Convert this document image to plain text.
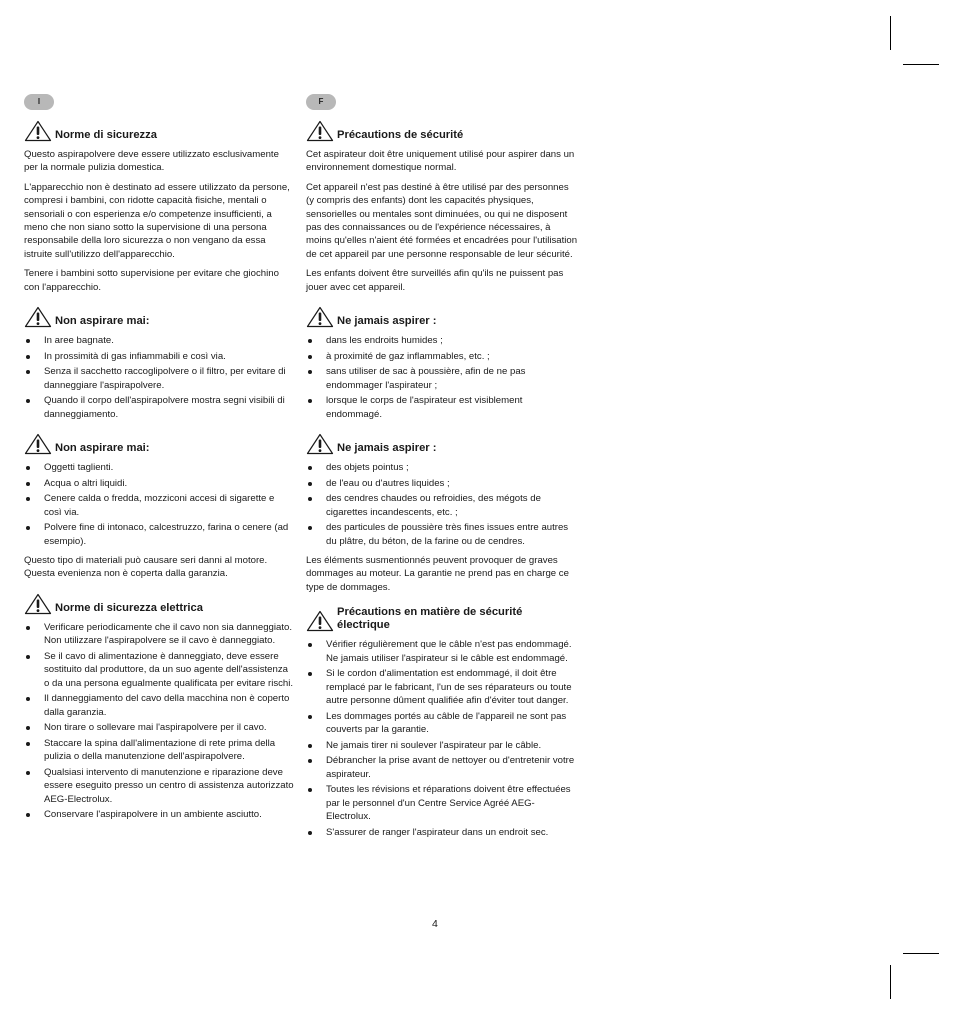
I
Norme di sicurezza

Questo aspirapolvere deve essere utilizzato esclusivamente per la normale pulizia domestica.

L'apparecchio non è destinato ad essere utilizzato da persone, compresi i bambini, con ridotte capacità fisiche, mentali o sensoriali o con esperienza e/o competenze insufficienti, a meno che non siano sotto la supervisione di una persona responsabile della loro sicurezza o non vengano da essa istruite sull'utilizzo dell'apparecchio.

Tenere i bambini sotto supervisione per evitare che giochino con l'apparecchio.

Non aspirare mai:
In aree bagnate.
In prossimità di gas infiammabili e così via.
Senza il sacchetto raccoglipolvere o il filtro, per evitare di danneggiare l'aspirapolvere.
Quando il corpo dell'aspirapolvere mostra segni visibili di danneggiamento.
Non aspirare mai:
Oggetti taglienti.
Acqua o altri liquidi.
Cenere calda o fredda, mozziconi accesi di sigarette e così via.
Polvere fine di intonaco, calcestruzzo, farina o cenere (ad esempio).

Questo tipo di materiali può causare seri danni al motore. Questa evenienza non è coperta dalla garanzia.

Norme di sicurezza elettrica
Verificare periodicamente che il cavo non sia danneggiato. Non utilizzare l'aspirapolvere se il cavo è danneggiato.
Se il cavo di alimentazione è danneggiato, deve essere sostituito dal produttore, da un suo agente dell'assistenza o da una persona egualmente qualificata per evitare rischi.
Il danneggiamento del cavo della macchina non è coperto dalla garanzia.
Non tirare o sollevare mai l'aspirapolvere per il cavo.
Staccare la spina dall'alimentazione di rete prima della pulizia o della manutenzione dell'aspirapolvere.
Qualsiasi intervento di manutenzione e riparazione deve essere eseguito presso un centro di assistenza autorizzato AEG-Electrolux.
Conservare l'aspirapolvere in un ambiente asciutto.
F
Précautions de sécurité

Cet aspirateur doit être uniquement utilisé pour aspirer dans un environnement domestique normal.

Cet appareil n'est pas destiné à être utilisé par des personnes (y compris des enfants) dont les capacités physiques, sensorielles ou mentales sont diminuées, ou qui ne disposent pas des connaissances ou de l'expérience nécessaires, à moins qu'elles n'aient été formées et encadrées pour l'utilisation de cet appareil par une personne responsable de leur sécurité.

Les enfants doivent être surveillés afin qu'ils ne puissent pas jouer avec cet appareil.

Ne jamais aspirer :
dans les endroits humides ;
à proximité de gaz inflammables, etc. ;
sans utiliser de sac à poussière, afin de ne pas endommager l'aspirateur ;
lorsque le corps de l'aspirateur est visiblement endommagé.
Ne jamais aspirer :
des objets pointus ;
de l'eau ou d'autres liquides ;
des cendres chaudes ou refroidies, des mégots de cigarettes incandescents, etc. ;
des particules de poussière très fines issues entre autres du plâtre, du béton, de la farine ou de cendres.

Les éléments susmentionnés peuvent provoquer de graves dommages au moteur. La garantie ne prend pas en charge ce type de dommages.

Précautions en matière de sécurité électrique
Vérifier régulièrement que le câble n'est pas endommagé. Ne jamais utiliser l'aspirateur si le câble est endommagé.
Si le cordon d'alimentation est endommagé, il doit être remplacé par le fabricant, l'un de ses réparateurs ou toute autre personne dûment qualifiée afin d'éviter tout danger.
Les dommages portés au câble de l'appareil ne sont pas couverts par la garantie.
Ne jamais tirer ni soulever l'aspirateur par le câble.
Débrancher la prise avant de nettoyer ou d'entretenir votre aspirateur.
Toutes les révisions et réparations doivent être effectuées par le personnel d'un Centre Service Agréé AEG-Electrolux.
S'assurer de ranger l'aspirateur dans un endroit sec.
4
